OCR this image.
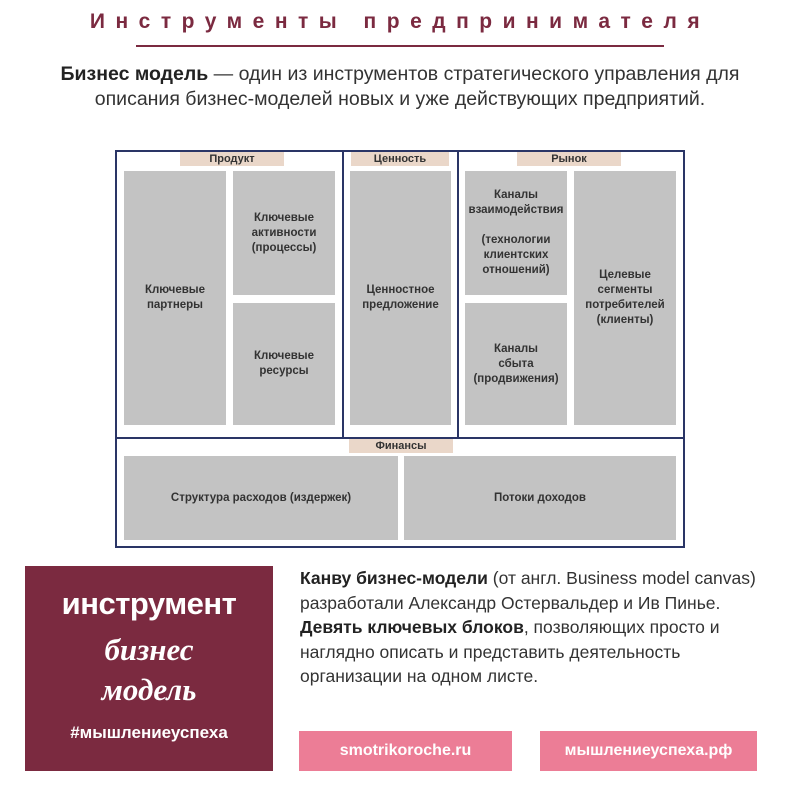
Инструменты предпринимателя
Бизнес модель — один из инструментов стратегического управления для описания бизнес-моделей новых и уже действующих предприятий.
Продукт	Ценность	Рынок
Финансы
Ключевые
партнеры
Ключевые
активности
(процессы)
Ключевые
ресурсы
Ценностное
предложение
Каналы
взаимодействия

(технологии
клиентских
отношений)
Каналы
сбыта
(продвижения)
Целевые
сегменты
потребителей
(клиенты)
Структура расходов (издержек)	Потоки доходов
инструмент
бизнес
модель
#мышлениеуспеха

Канву бизнес-модели (от англ. Business model canvas) разработали Александр Остервальдер и Ив Пинье.

Девять ключевых блоков, позволяющих просто и наглядно описать и представить деятельность организации на одном листе.

smotrikoroche.ru	мышлениеуспеха.рф
